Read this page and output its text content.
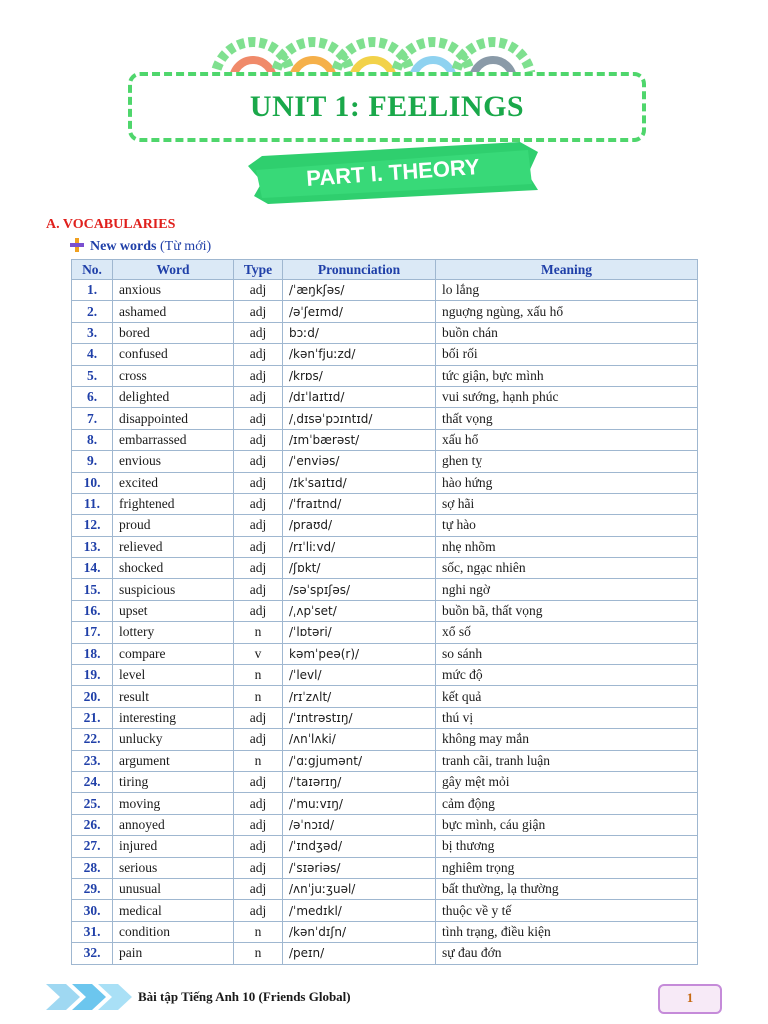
UNIT 1: FEELINGS
PART I. THEORY
A. VOCABULARIES
New words (Từ mới)
No.	Word	Type	Pronunciation	Meaning
1.	anxious	adj	/ˈæŋkʃəs/	lo lắng
2.	ashamed	adj	/əˈʃeɪmd/	nguợng ngùng, xấu hổ
3.	bored	adj	bɔːd/	buồn chán
4.	confused	adj	/kənˈfjuːzd/	bối rối
5.	cross	adj	/krɒs/	tức giận, bực mình
6.	delighted	adj	/dɪˈlaɪtɪd/	vui sướng, hạnh phúc
7.	disappointed	adj	/ˌdɪsəˈpɔɪntɪd/	thất vọng
8.	embarrassed	adj	/ɪmˈbærəst/	xấu hổ
9.	envious	adj	/ˈenviəs/	ghen tỵ
10.	excited	adj	/ɪkˈsaɪtɪd/	hào hứng
11.	frightened	adj	/ˈfraɪtnd/	sợ hãi
12.	proud	adj	/praʊd/	tự hào
13.	relieved	adj	/rɪˈliːvd/	nhẹ nhõm
14.	shocked	adj	/ʃɒkt/	sốc, ngạc nhiên
15.	suspicious	adj	/səˈspɪʃəs/	nghi ngờ
16.	upset	adj	/ˌʌpˈset/	buồn bã, thất vọng
17.	lottery	n	/ˈlɒtəri/	xổ số
18.	compare	v	kəmˈpeə(r)/	so sánh
19.	level	n	/ˈlevl/	mức độ
20.	result	n	/rɪˈzʌlt/	kết quả
21.	interesting	adj	/ˈɪntrəstɪŋ/	thú vị
22.	unlucky	adj	/ʌnˈlʌki/	không may mắn
23.	argument	n	/ˈɑːgjumənt/	tranh cãi, tranh luận
24.	tiring	adj	/ˈtaɪərɪŋ/	gây mệt mỏi
25.	moving	adj	/ˈmuːvɪŋ/	cảm động
26.	annoyed	adj	/əˈnɔɪd/	bực mình, cáu giận
27.	injured	adj	/ˈɪndʒəd/	bị thương
28.	serious	adj	/ˈsɪəriəs/	nghiêm trọng
29.	unusual	adj	/ʌnˈjuːʒuəl/	bất thường, lạ thường
30.	medical	adj	/ˈmedɪkl/	thuộc về y tế
31.	condition	n	/kənˈdɪʃn/	tình trạng, điều kiện
32.	pain	n	/peɪn/	sự đau đớn
Bài tập Tiếng Anh 10 (Friends Global)	1
